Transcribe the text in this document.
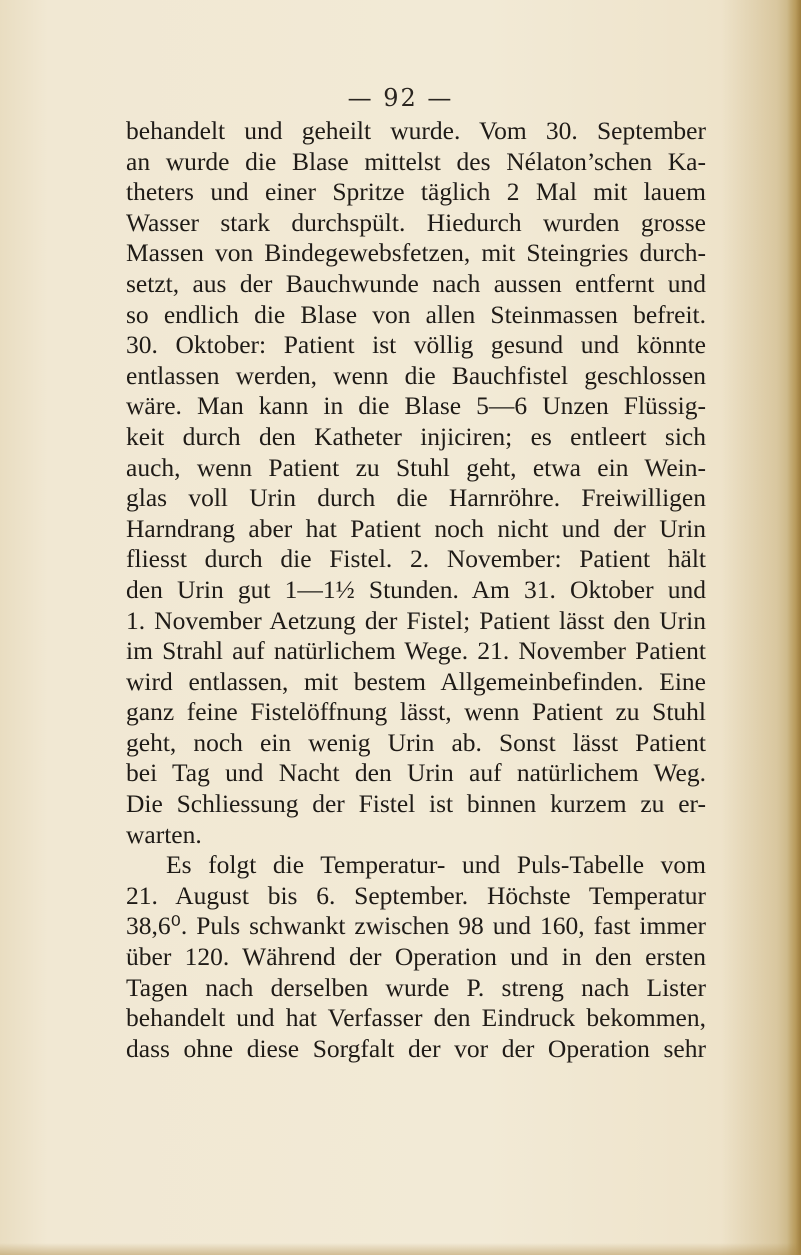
— 92 —
behandelt und geheilt wurde. Vom 30. September
an wurde die Blase mittelst des Nélaton’schen Ka-
theters und einer Spritze täglich 2 Mal mit lauem
Wasser stark durchspült. Hiedurch wurden grosse
Massen von Bindegewebsfetzen, mit Steingries durch-
setzt, aus der Bauchwunde nach aussen entfernt und
so endlich die Blase von allen Steinmassen befreit.
30. Oktober: Patient ist völlig gesund und könnte
entlassen werden, wenn die Bauchfistel geschlossen
wäre. Man kann in die Blase 5—6 Unzen Flüssig-
keit durch den Katheter injiciren; es entleert sich
auch, wenn Patient zu Stuhl geht, etwa ein Wein-
glas voll Urin durch die Harnröhre. Freiwilligen
Harndrang aber hat Patient noch nicht und der Urin
fliesst durch die Fistel. 2. November: Patient hält
den Urin gut 1—1½ Stunden. Am 31. Oktober und
1. November Aetzung der Fistel; Patient lässt den Urin
im Strahl auf natürlichem Wege. 21. November Patient
wird entlassen, mit bestem Allgemeinbefinden. Eine
ganz feine Fistelöffnung lässt, wenn Patient zu Stuhl
geht, noch ein wenig Urin ab. Sonst lässt Patient
bei Tag und Nacht den Urin auf natürlichem Weg.
Die Schliessung der Fistel ist binnen kurzem zu er-
warten.
Es folgt die Temperatur- und Puls-Tabelle vom
21. August bis 6. September. Höchste Temperatur
38,6⁰. Puls schwankt zwischen 98 und 160, fast immer
über 120. Während der Operation und in den ersten
Tagen nach derselben wurde P. streng nach Lister
behandelt und hat Verfasser den Eindruck bekommen,
dass ohne diese Sorgfalt der vor der Operation sehr
